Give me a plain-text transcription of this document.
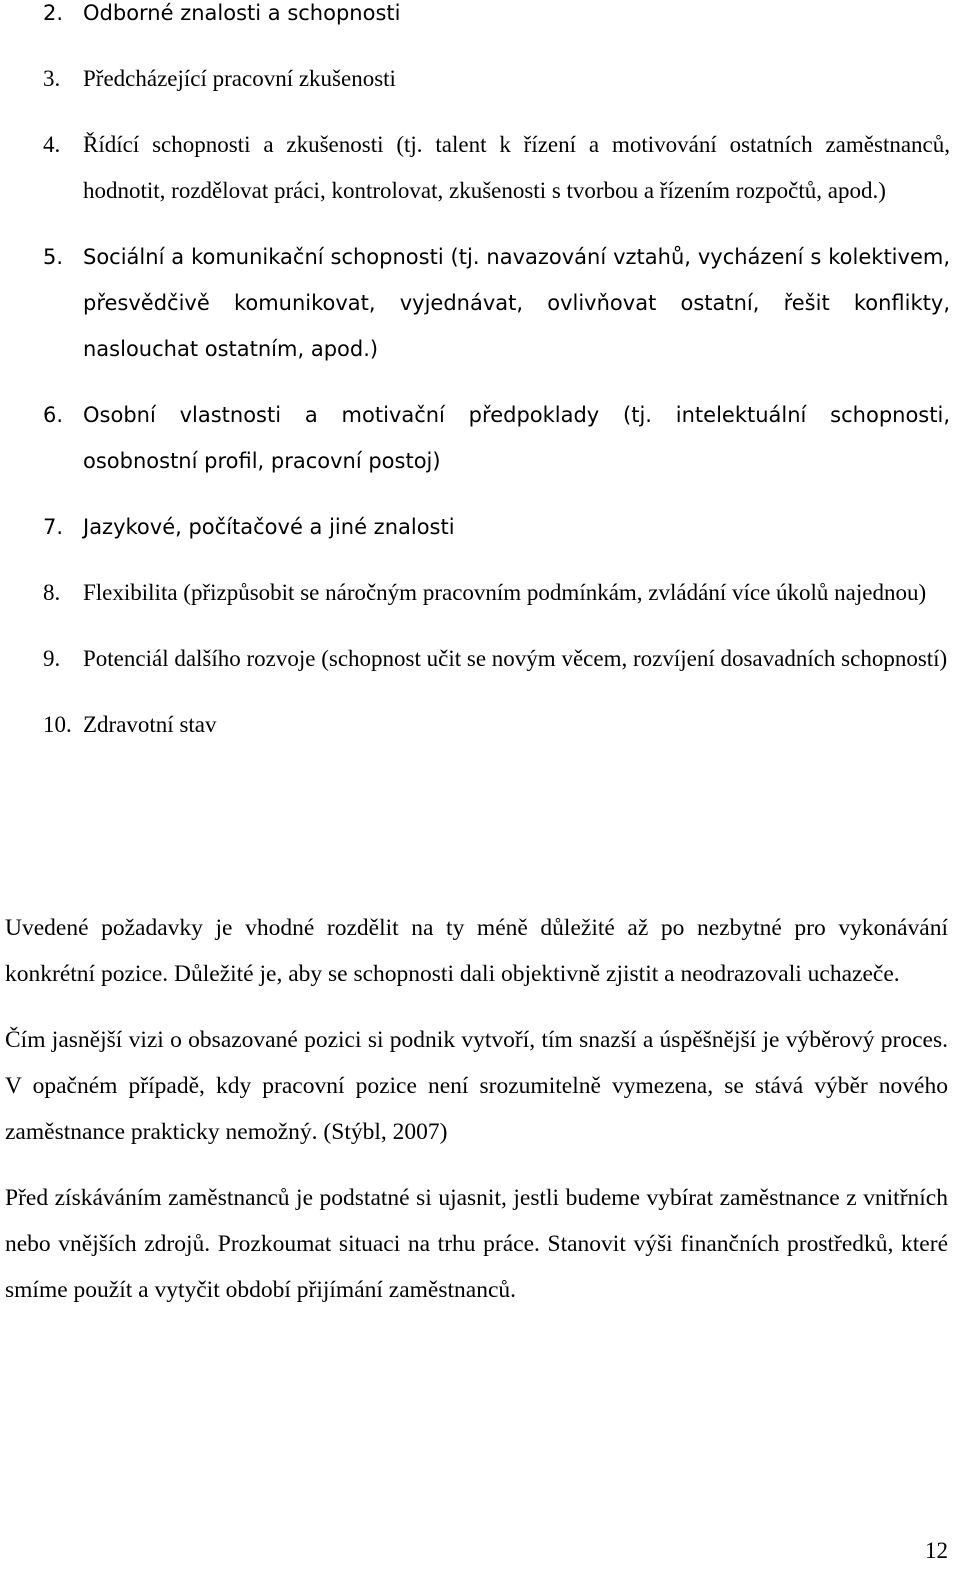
2. Odborné znalosti a schopnosti
3. Předcházející pracovní zkušenosti
4. Řídící schopnosti a zkušenosti (tj. talent k řízení a motivování ostatních zaměstnanců, hodnotit, rozdělovat práci, kontrolovat, zkušenosti s tvorbou a řízením rozpočtů, apod.)
5. Sociální a komunikační schopnosti (tj. navazování vztahů, vycházení s kolektivem, přesvědčivě komunikovat, vyjednávat, ovlivňovat ostatní, řešit konflikty, naslouchat ostatním, apod.)
6. Osobní vlastnosti a motivační předpoklady (tj. intelektuální schopnosti, osobnostní profil, pracovní postoj)
7. Jazykové, počítačové a jiné znalosti
8. Flexibilita (přizpůsobit se náročným pracovním podmínkám, zvládání více úkolů najednou)
9. Potenciál dalšího rozvoje (schopnost učit se novým věcem, rozvíjení dosavadních schopností)
10. Zdravotní stav

Uvedené požadavky je vhodné rozdělit na ty méně důležité až po nezbytné pro vykonávání konkrétní pozice. Důležité je, aby se schopnosti dali objektivně zjistit a neodrazovali uchazeče.

Čím jasnější vizi o obsazované pozici si podnik vytvoří, tím snazší a úspěšnější je výběrový proces. V opačném případě, kdy pracovní pozice není srozumitelně vymezena, se stává výběr nového zaměstnance prakticky nemožný. (Stýbl, 2007)

Před získáváním zaměstnanců je podstatné si ujasnit, jestli budeme vybírat zaměstnance z vnitřních nebo vnějších zdrojů. Prozkoumat situaci na trhu práce. Stanovit výši finančních prostředků, které smíme použít a vytyčit období přijímání zaměstnanců.

12
